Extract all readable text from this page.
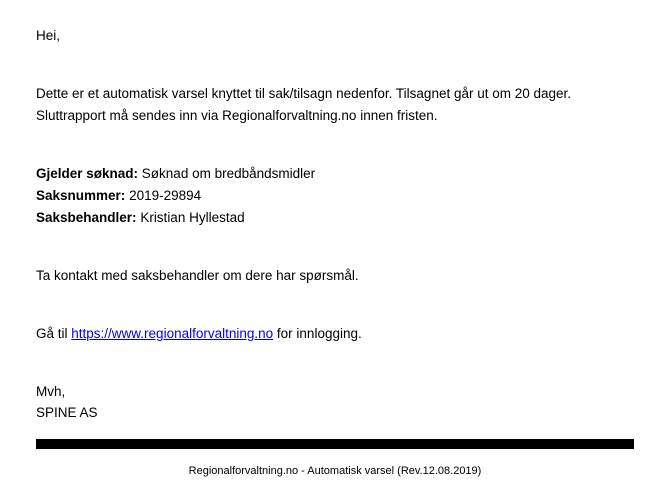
Hei,
Dette er et automatisk varsel knyttet til sak/tilsagn nedenfor. Tilsagnet går ut om 20 dager.
Sluttrapport må sendes inn via Regionalforvaltning.no innen fristen.
Gjelder søknad: Søknad om bredbåndsmidler
Saksnummer: 2019-29894
Saksbehandler: Kristian Hyllestad
Ta kontakt med saksbehandler om dere har spørsmål.
Gå til https://www.regionalforvaltning.no for innlogging.
Mvh,
SPINE AS
Regionalforvaltning.no - Automatisk varsel (Rev.12.08.2019)
